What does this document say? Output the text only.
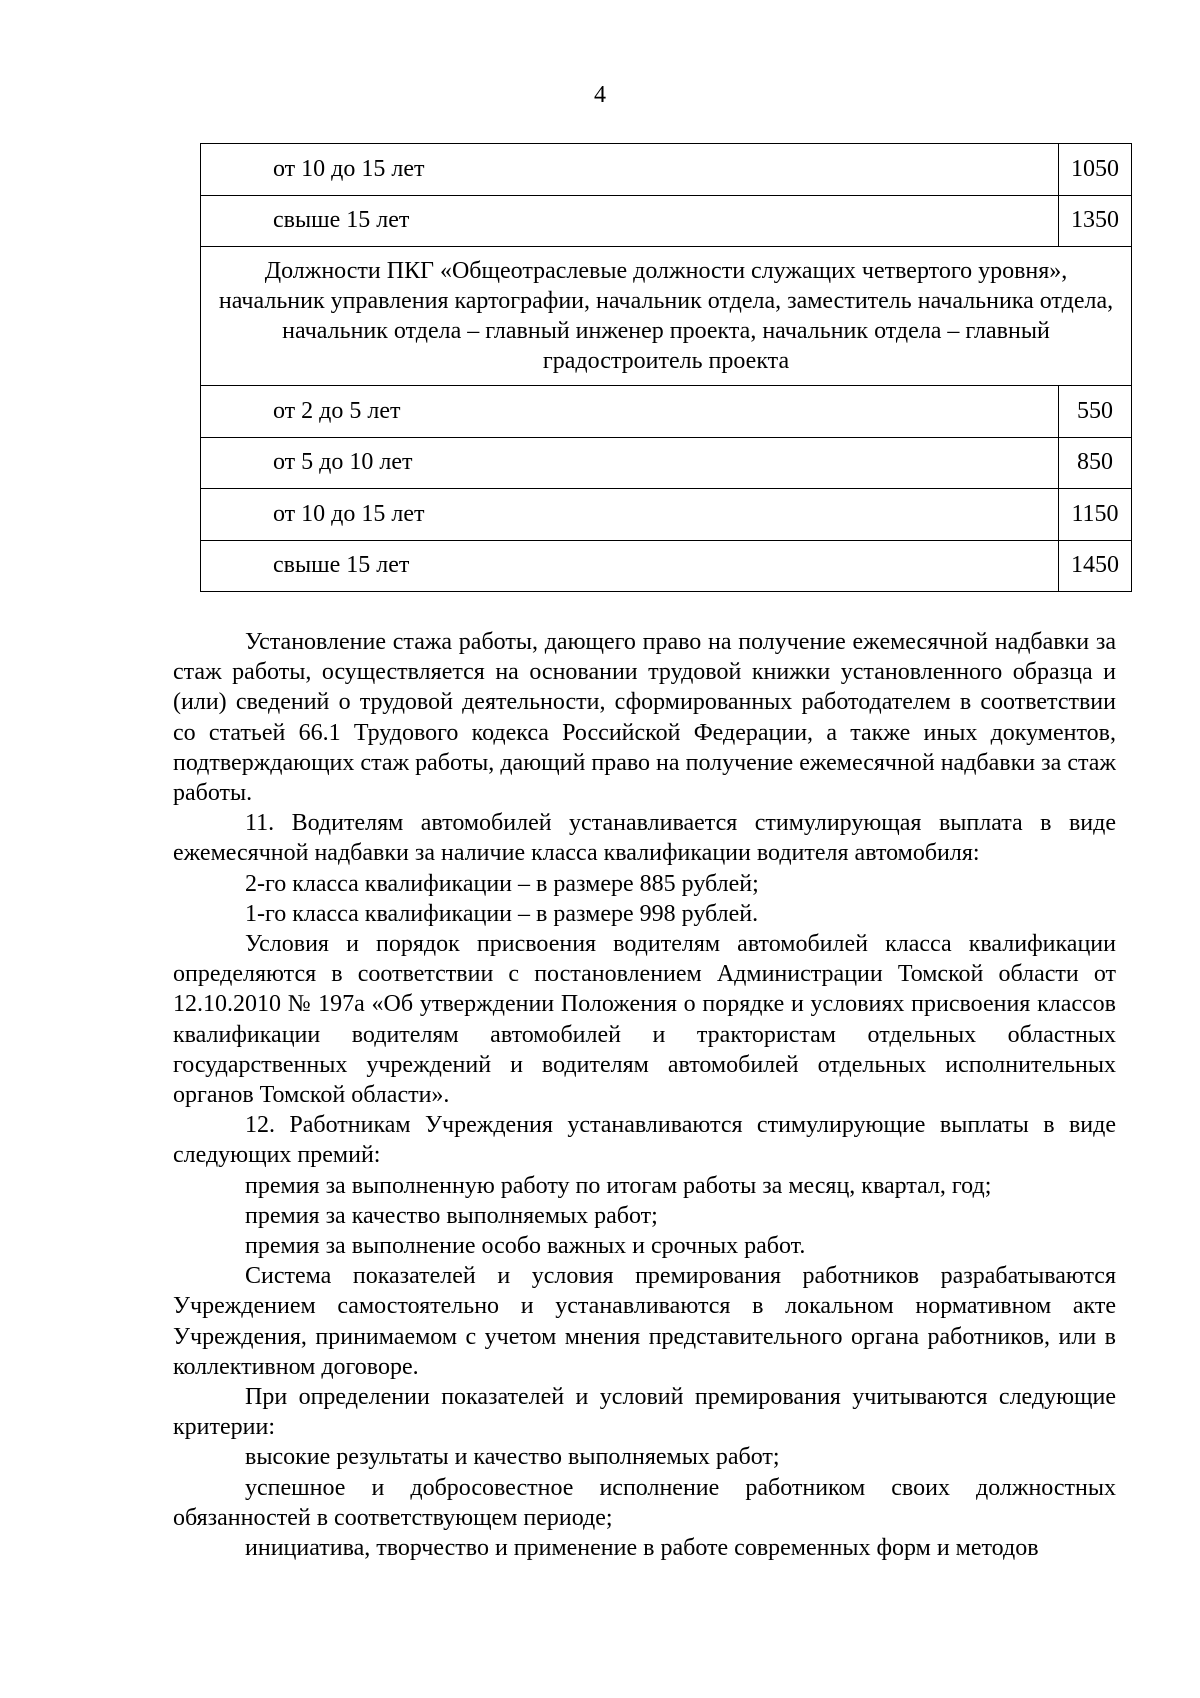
4
от 10 до 15 лет	1050
свыше 15 лет	1350
Должности ПКГ «Общеотраслевые должности служащих четвертого уровня», начальник управления картографии, начальник отдела, заместитель начальника отдела, начальник отдела – главный инженер проекта, начальник отдела – главный градостроитель проекта	
от 2 до 5 лет	550
от 5 до 10 лет	850
от 10 до 15 лет	1150
свыше 15 лет	1450

Установление стажа работы, дающего право на получение ежемесячной надбавки за стаж работы, осуществляется на основании трудовой книжки установленного образца и (или) сведений о трудовой деятельности, сформированных работодателем в соответствии со статьей 66.1 Трудового кодекса Российской Федерации, а также иных документов, подтверждающих стаж работы, дающий право на получение ежемесячной надбавки за стаж работы.

11. Водителям автомобилей устанавливается стимулирующая выплата в виде ежемесячной надбавки за наличие класса квалификации водителя автомобиля:

2-го класса квалификации – в размере 885 рублей;

1-го класса квалификации – в размере 998 рублей.

Условия и порядок присвоения водителям автомобилей класса квалификации определяются в соответствии с постановлением Администрации Томской области от 12.10.2010 № 197а «Об утверждении Положения о порядке и условиях присвоения классов квалификации водителям автомобилей и трактористам отдельных областных государственных учреждений и водителям автомобилей отдельных исполнительных органов Томской области».

12. Работникам Учреждения устанавливаются стимулирующие выплаты в виде следующих премий:

премия за выполненную работу по итогам работы за месяц, квартал, год;

премия за качество выполняемых работ;

премия за выполнение особо важных и срочных работ.

Система показателей и условия премирования работников разрабатываются Учреждением самостоятельно и устанавливаются в локальном нормативном акте Учреждения, принимаемом с учетом мнения представительного органа работников, или в коллективном договоре.

При определении показателей и условий премирования учитываются следующие критерии:

высокие результаты и качество выполняемых работ;

успешное и добросовестное исполнение работником своих должностных обязанностей в соответствующем периоде;

инициатива, творчество и применение в работе современных форм и методов
